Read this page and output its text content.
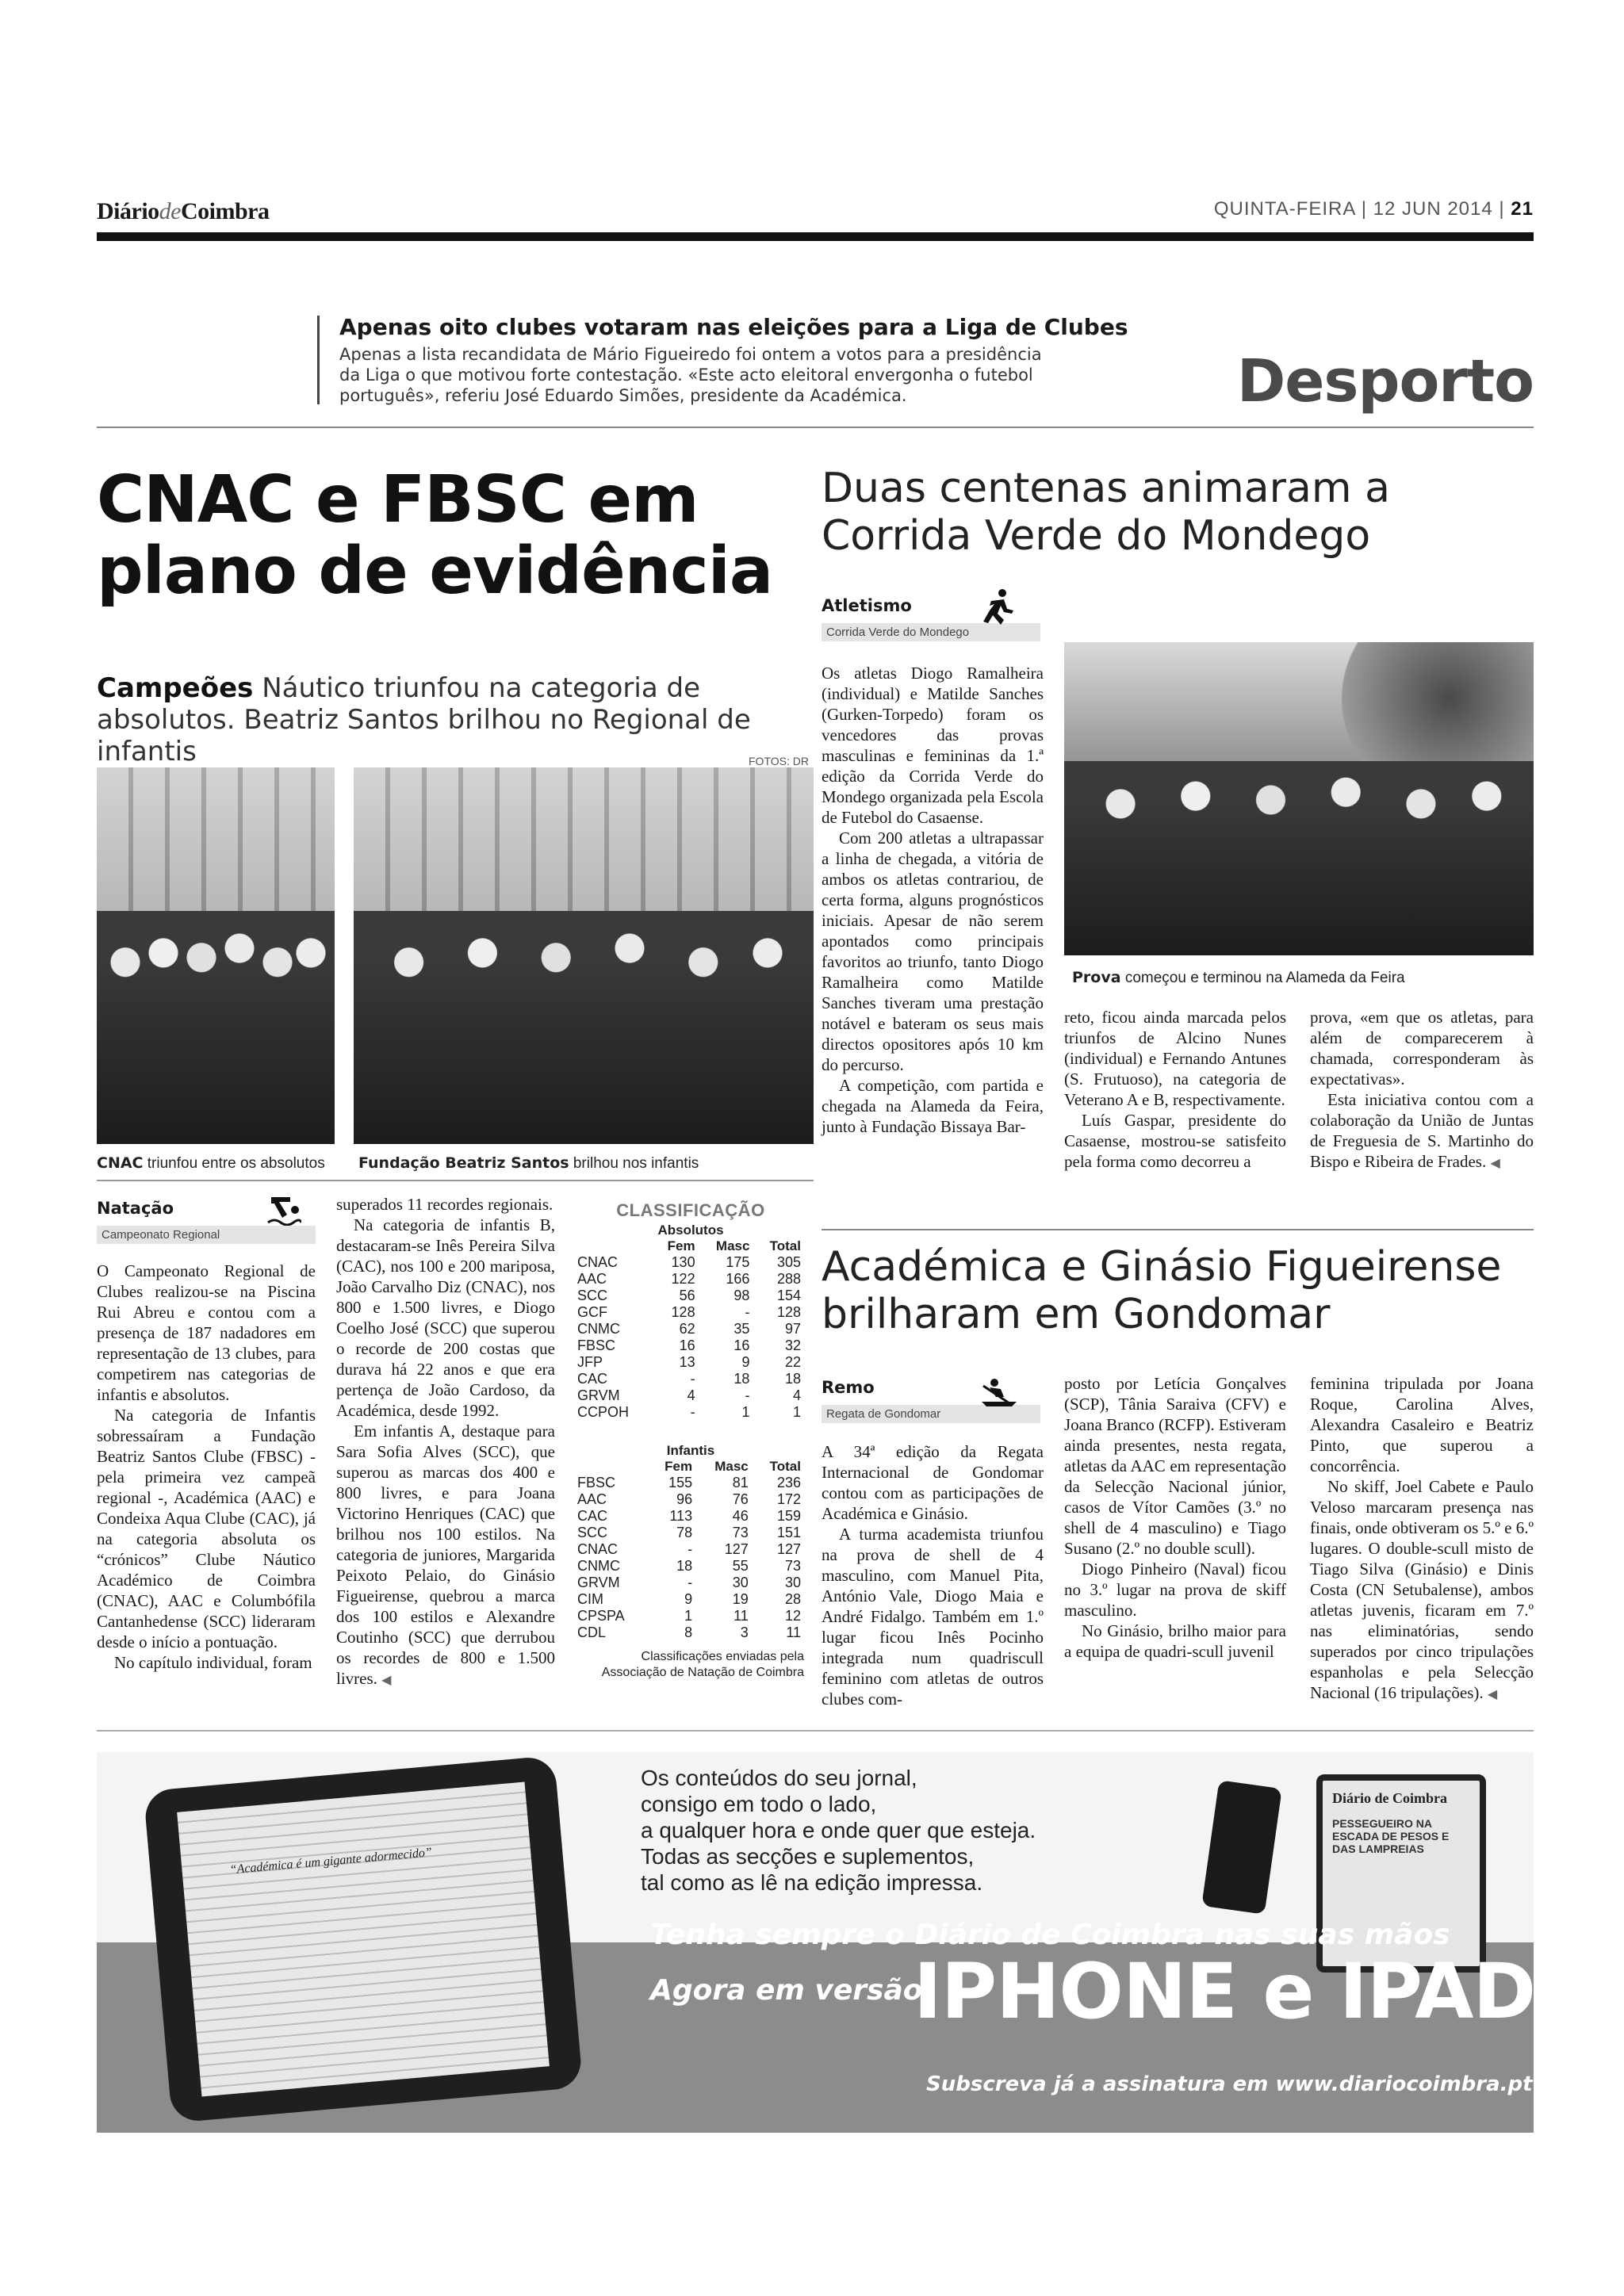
DiáriodeCoimbra	QUINTA-FEIRA | 12 JUN 2014 | 21
Apenas oito clubes votaram nas eleições para a Liga de Clubes
Apenas a lista recandidata de Mário Figueiredo foi ontem a votos para a presidência da Liga o que motivou forte contestação. «Este acto eleitoral envergonha o futebol português», referiu José Eduardo Simões, presidente da Académica.	Desporto
CNAC e FBSC em plano de evidência
Campeões Náutico triunfou na categoria de absolutos. Beatriz Santos brilhou no Regional de infantis	FOTOS: DR
CNAC triunfou entre os absolutos Fundação Beatriz Santos brilhou nos infantis
Natação
Campeonato Regional

O Campeonato Regional de Clubes realizou-se na Piscina Rui Abreu e contou com a presença de 187 nadadores em representação de 13 clubes, para competirem nas categorias de infantis e absolutos.

Na categoria de Infantis sobressaíram a Fundação Beatriz Santos Clube (FBSC) - pela primeira vez campeã regional -, Académica (AAC) e Condeixa Aqua Clube (CAC), já na categoria absoluta os “crónicos” Clube Náutico Académico de Coimbra (CNAC), AAC e Columbófila Cantanhedense (SCC) lideraram desde o início a pontuação.

No capítulo individual, foram

superados 11 recordes regionais.

Na categoria de infantis B, destacaram-se Inês Pereira Silva (CAC), nos 100 e 200 mariposa, João Carvalho Diz (CNAC), nos 800 e 1.500 livres, e Diogo Coelho José (SCC) que superou o recorde de 200 costas que durava há 22 anos e que era pertença de João Cardoso, da Académica, desde 1992.

Em infantis A, destaque para Sara Sofia Alves (SCC), que superou as marcas dos 400 e 800 livres, e para Joana Victorino Henriques (CAC) que brilhou nos 100 estilos. Na categoria de juniores, Margarida Peixoto Pelaio, do Ginásio Figueirense, quebrou a marca dos 100 estilos e Alexandre Coutinho (SCC) que derrubou os recordes de 800 e 1.500 livres. ◀

CLASSIFICAÇÃO
Absolutos
	Fem	Masc	Total
CNAC	130	175	305
AAC	122	166	288
SCC	56	98	154
GCF	128	-	128
CNMC	62	35	97
FBSC	16	16	32
JFP	13	9	22
CAC	-	18	18
GRVM	4	-	4
CCPOH	-	1	1
Infantis
	Fem	Masc	Total
FBSC	155	81	236
AAC	96	76	172
CAC	113	46	159
SCC	78	73	151
CNAC	-	127	127
CNMC	18	55	73
GRVM	-	30	30
CIM	9	19	28
CPSPA	1	11	12
CDL	8	3	11
Classificações enviadas pela Associação de Natação de Coimbra
Duas centenas animaram a Corrida Verde do Mondego
Atletismo
Corrida Verde do Mondego
Prova começou e terminou na Alameda da Feira

Os atletas Diogo Ramalheira (individual) e Matilde Sanches (Gurken-Torpedo) foram os vencedores das provas masculinas e femininas da 1.ª edição da Corrida Verde do Mondego organizada pela Escola de Futebol do Casaense.

Com 200 atletas a ultrapassar a linha de chegada, a vitória de ambos os atletas contrariou, de certa forma, alguns prognósticos iniciais. Apesar de não serem apontados como principais favoritos ao triunfo, tanto Diogo Ramalheira como Matilde Sanches tiveram uma prestação notável e bateram os seus mais directos opositores após 10 km do percurso.

A competição, com partida e chegada na Alameda da Feira, junto à Fundação Bissaya Bar-

reto, ficou ainda marcada pelos triunfos de Alcino Nunes (individual) e Fernando Antunes (S. Frutuoso), na categoria de Veterano A e B, respectivamente.

Luís Gaspar, presidente do Casaense, mostrou-se satisfeito pela forma como decorreu a

prova, «em que os atletas, para além de comparecerem à chamada, corresponderam às expectativas».

Esta iniciativa contou com a colaboração da União de Juntas de Freguesia de S. Martinho do Bispo e Ribeira de Frades. ◀

Académica e Ginásio Figueirense brilharam em Gondomar
Remo
Regata de Gondomar

A 34ª edição da Regata Internacional de Gondomar contou com as participações de Académica e Ginásio.

A turma academista triunfou na prova de shell de 4 masculino, com Manuel Pita, António Vale, Diogo Maia e André Fidalgo. Também em 1.º lugar ficou Inês Pocinho integrada num quadriscull feminino com atletas de outros clubes com-

posto por Letícia Gonçalves (SCP), Tânia Saraiva (CFV) e Joana Branco (RCFP). Estiveram ainda presentes, nesta regata, atletas da AAC em representação da Selecção Nacional júnior, casos de Vítor Camões (3.º no shell de 4 masculino) e Tiago Susano (2.º no double scull).

Diogo Pinheiro (Naval) ficou no 3.º lugar na prova de skiff masculino.

No Ginásio, brilho maior para a equipa de quadri-scull juvenil

feminina tripulada por Joana Roque, Carolina Alves, Alexandra Casaleiro e Beatriz Pinto, que superou a concorrência.

No skiff, Joel Cabete e Paulo Veloso marcaram presença nas finais, onde obtiveram os 5.º e 6.º lugares. O double-scull misto de Tiago Silva (Ginásio) e Dinis Costa (CN Setubalense), ambos atletas juvenis, ficaram em 7.º nas eliminatórias, sendo superados por cinco tripulações espanholas e pela Selecção Nacional (16 tripulações). ◀

“Académica é um gigante adormecido”
Diário de Coimbra
PESSEGUEIRO NA ESCADA DE PESOS E DAS LAMPREIAS
Os conteúdos do seu jornal,
consigo em todo o lado,
a qualquer hora e onde quer que esteja.
Todas as secções e suplementos,
tal como as lê na edição impressa.
Tenha sempre o Diário de Coimbra nas suas mãos
Agora em versão
IPHONE e IPAD
Subscreva já a assinatura em www.diariocoimbra.pt
